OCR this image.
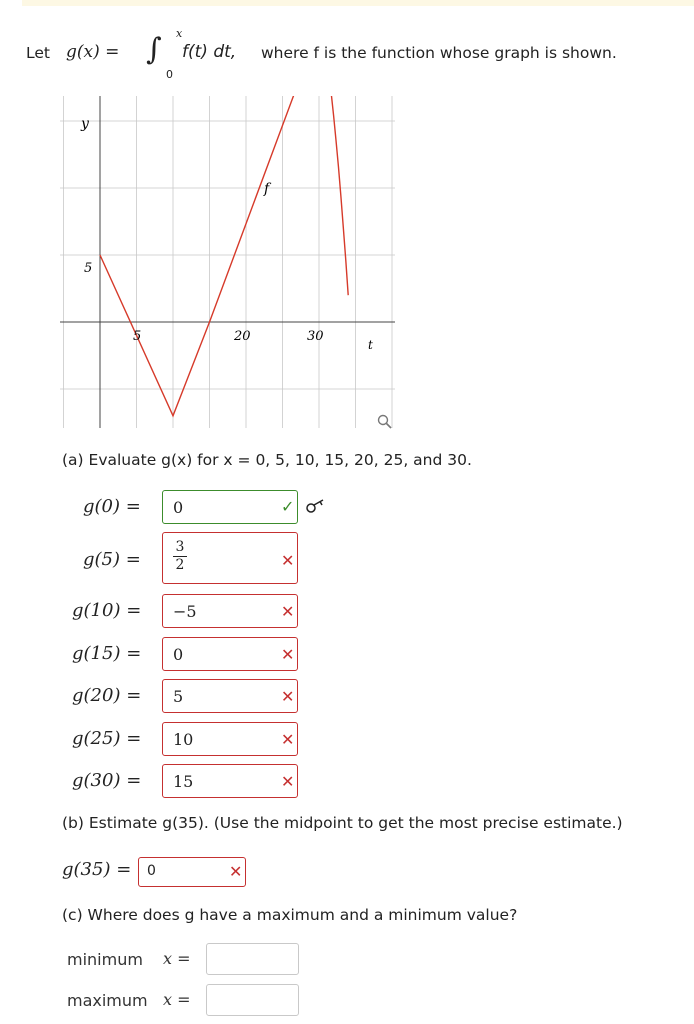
Let g(x) = ∫ x
0
f(t) dt, where f is the function whose graph is shown.
y
t
f
5
5	20	30
(a) Evaluate g(x) for x = 0, 5, 10, 15, 20, 25, and 30.
g(0) = 0	✓
g(5) =
3
2	✕
g(10) = −5	✕
g(15) = 0	✕
g(20) = 5	✕
g(25) = 10	✕
g(30) = 15	✕
(b) Estimate g(35). (Use the midpoint to get the most precise estimate.)
g(35) = 0	✕
(c) Where does g have a maximum and a minimum value?
minimum x =
maximum x =
